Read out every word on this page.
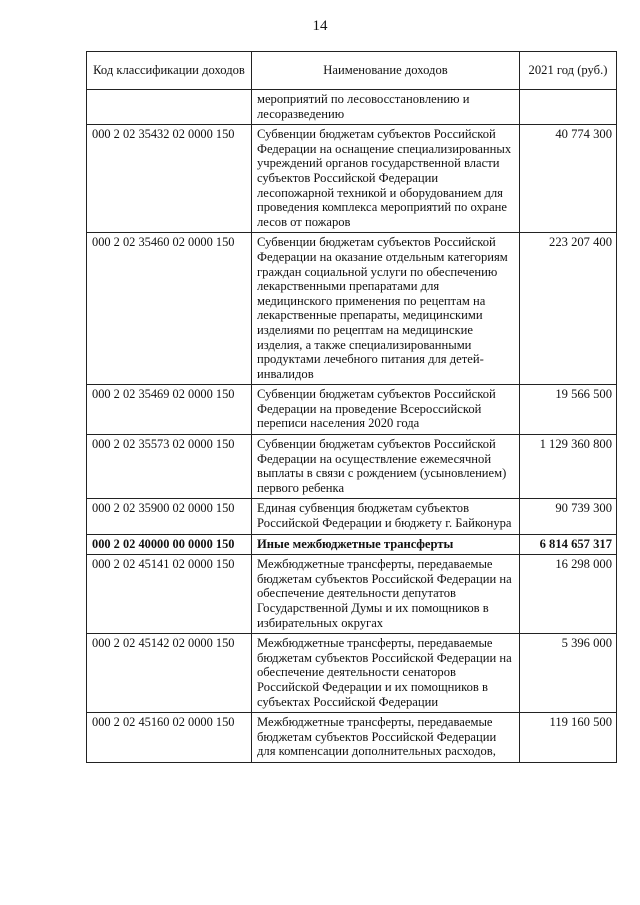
14
Код классификации доходов	Наименование доходов	2021 год (руб.)
	мероприятий по лесовосстановлению и лесоразведению	
000 2 02 35432 02 0000 150	Субвенции бюджетам субъектов Российской Федерации на оснащение специализированных учреждений органов государственной власти субъектов Российской Федерации лесопожарной техникой и оборудованием для проведения комплекса мероприятий по охране лесов от пожаров	40 774 300
000 2 02 35460 02 0000 150	Субвенции бюджетам субъектов Российской Федерации на оказание отдельным категориям граждан социальной услуги по обеспечению лекарственными препаратами для медицинского применения по рецептам на лекарственные препараты, медицинскими изделиями по рецептам на медицинские изделия, а также специализированными продуктами лечебного питания для детей-инвалидов	223 207 400
000 2 02 35469 02 0000 150	Субвенции бюджетам субъектов Российской Федерации на проведение Всероссийской переписи населения 2020 года	19 566 500
000 2 02 35573 02 0000 150	Субвенции бюджетам субъектов Российской Федерации на осуществление ежемесячной выплаты в связи с рождением (усыновлением) первого ребенка	1 129 360 800
000 2 02 35900 02 0000 150	Единая субвенция бюджетам субъектов Российской Федерации и бюджету г. Байконура	90 739 300
000 2 02 40000 00 0000 150	Иные межбюджетные трансферты	6 814 657 317
000 2 02 45141 02 0000 150	Межбюджетные трансферты, передаваемые бюджетам субъектов Российской Федерации на обеспечение деятельности депутатов Государственной Думы и их помощников в избирательных округах	16 298 000
000 2 02 45142 02 0000 150	Межбюджетные трансферты, передаваемые бюджетам субъектов Российской Федерации на обеспечение деятельности сенаторов Российской Федерации и их помощников в субъектах Российской Федерации	5 396 000
000 2 02 45160 02 0000 150	Межбюджетные трансферты, передаваемые бюджетам субъектов Российской Федерации для компенсации дополнительных расходов,	119 160 500
